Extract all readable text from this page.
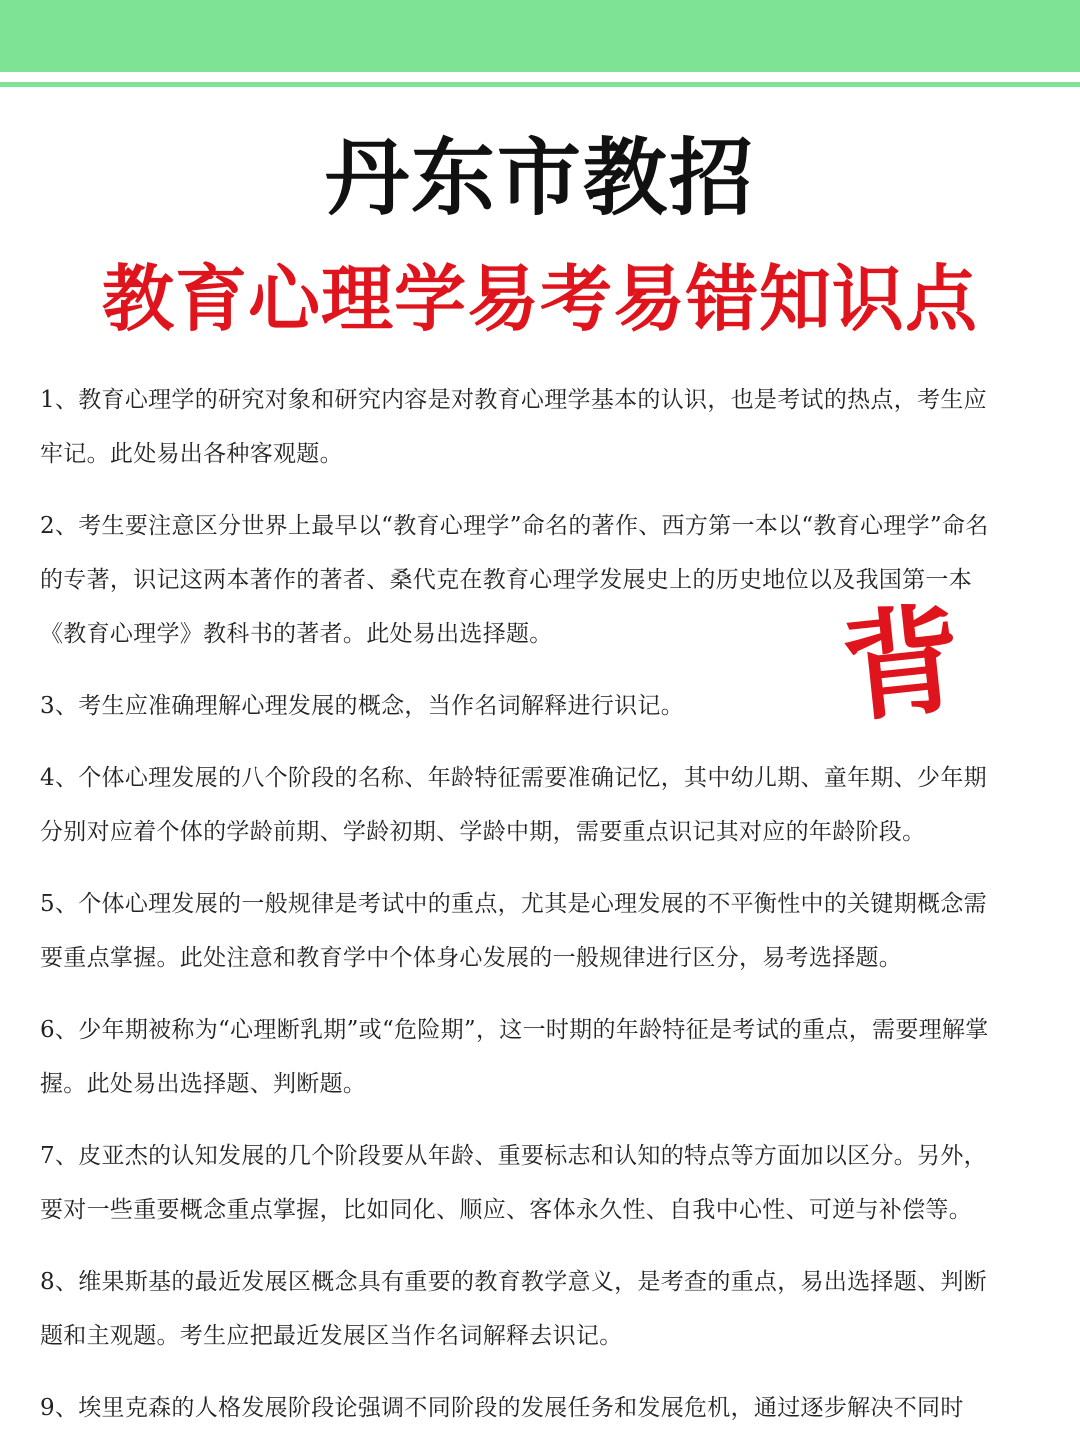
丹东市教招
教育心理学易考易错知识点
背

1、教育心理学的研究对象和研究内容是对教育心理学基本的认识，也是考试的热点，考生应牢记。此处易出各种客观题。

2、考生要注意区分世界上最早以“教育心理学”命名的著作、西方第一本以“教育心理学”命名的专著，识记这两本著作的著者、桑代克在教育心理学发展史上的历史地位以及我国第一本《教育心理学》教科书的著者。此处易出选择题。

3、考生应准确理解心理发展的概念，当作名词解释进行识记。

4、个体心理发展的八个阶段的名称、年龄特征需要准确记忆，其中幼儿期、童年期、少年期分别对应着个体的学龄前期、学龄初期、学龄中期，需要重点识记其对应的年龄阶段。

5、个体心理发展的一般规律是考试中的重点，尤其是心理发展的不平衡性中的关键期概念需要重点掌握。此处注意和教育学中个体身心发展的一般规律进行区分，易考选择题。

6、少年期被称为“心理断乳期”或“危险期”，这一时期的年龄特征是考试的重点，需要理解掌握。此处易出选择题、判断题。

7、皮亚杰的认知发展的几个阶段要从年龄、重要标志和认知的特点等方面加以区分。另外，要对一些重要概念重点掌握，比如同化、顺应、客体永久性、自我中心性、可逆与补偿等。

8、维果斯基的最近发展区概念具有重要的教育教学意义，是考查的重点，易出选择题、判断题和主观题。考生应把最近发展区当作名词解释去识记。

9、埃里克森的人格发展阶段论强调不同阶段的发展任务和发展危机，通过逐步解决不同时
